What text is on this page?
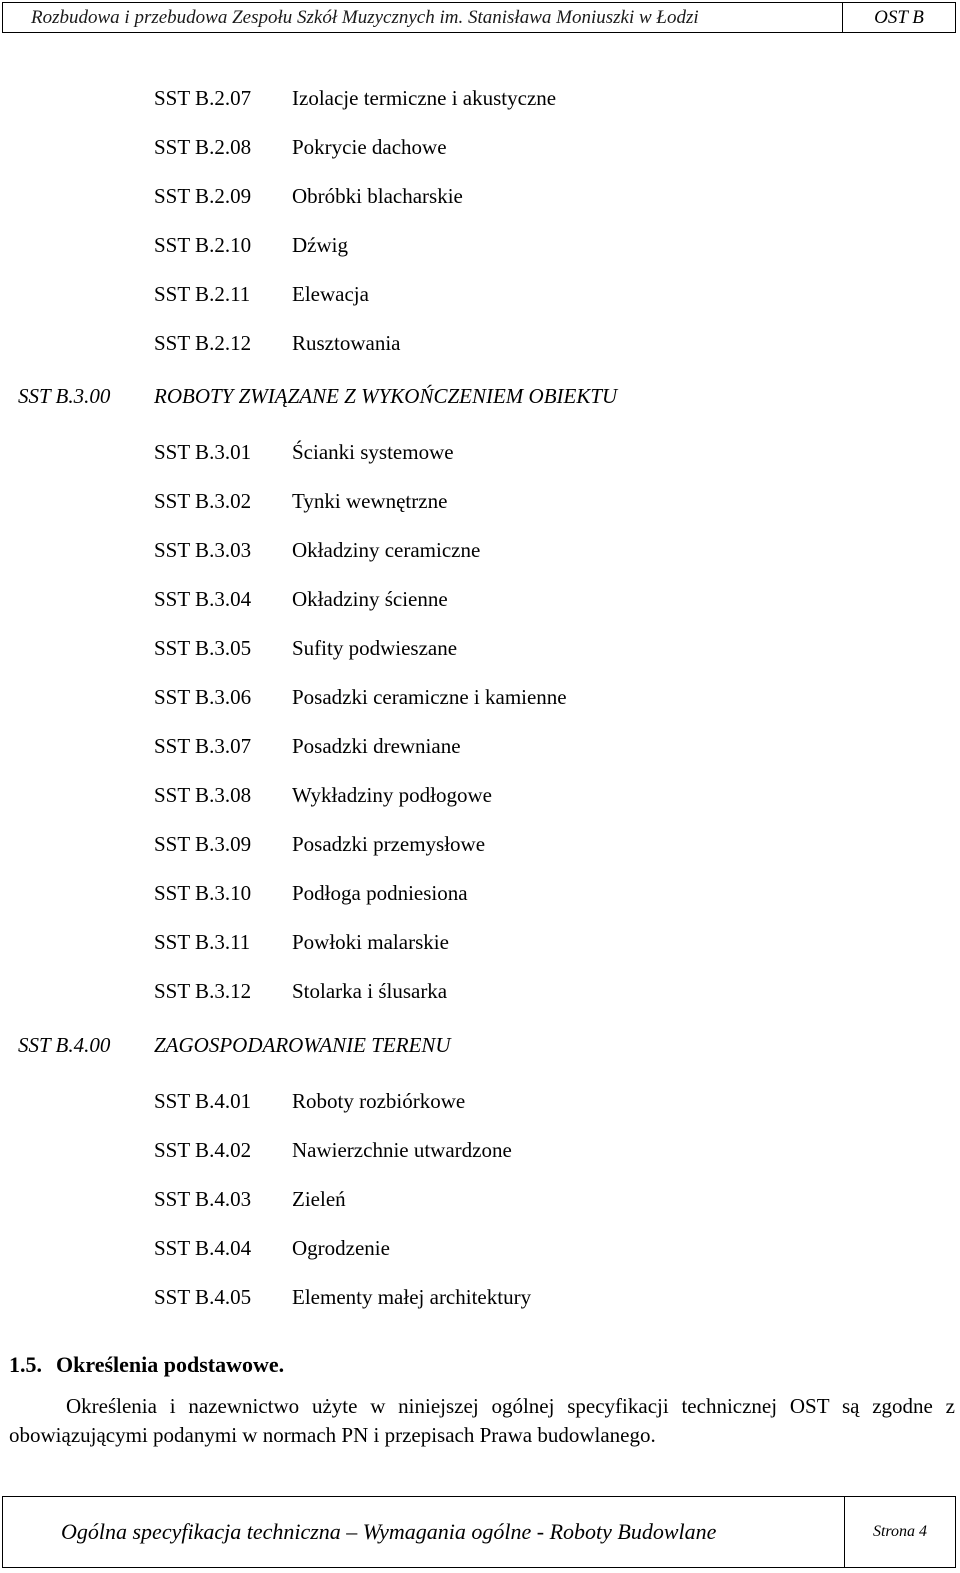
Rozbudowa i przebudowa Zespołu Szkół Muzycznych im. Stanisława Moniuszki w Łodzi	OST B
SST B.2.07 Izolacje termiczne i akustyczne
SST B.2.08 Pokrycie dachowe
SST B.2.09 Obróbki blacharskie
SST B.2.10 Dźwig
SST B.2.11 Elewacja
SST B.2.12 Rusztowania
SST B.3.00 ROBOTY ZWIĄZANE Z WYKOŃCZENIEM OBIEKTU
SST B.3.01 Ścianki systemowe
SST B.3.02 Tynki wewnętrzne
SST B.3.03 Okładziny ceramiczne
SST B.3.04 Okładziny ścienne
SST B.3.05 Sufity podwieszane
SST B.3.06 Posadzki ceramiczne i kamienne
SST B.3.07 Posadzki drewniane
SST B.3.08 Wykładziny podłogowe
SST B.3.09 Posadzki przemysłowe
SST B.3.10 Podłoga podniesiona
SST B.3.11 Powłoki malarskie
SST B.3.12 Stolarka i ślusarka
SST B.4.00 ZAGOSPODAROWANIE TERENU
SST B.4.01 Roboty rozbiórkowe
SST B.4.02 Nawierzchnie utwardzone
SST B.4.03 Zieleń
SST B.4.04 Ogrodzenie
SST B.4.05 Elementy małej architektury
1.5. Określenia podstawowe.
Określenia i nazewnictwo użyte w niniejszej ogólnej specyfikacji technicznej OST są zgodne z obowiązującymi podanymi w normach PN i przepisach Prawa budowlanego.
Ogólna specyfikacja techniczna – Wymagania ogólne - Roboty Budowlane	Strona 4
